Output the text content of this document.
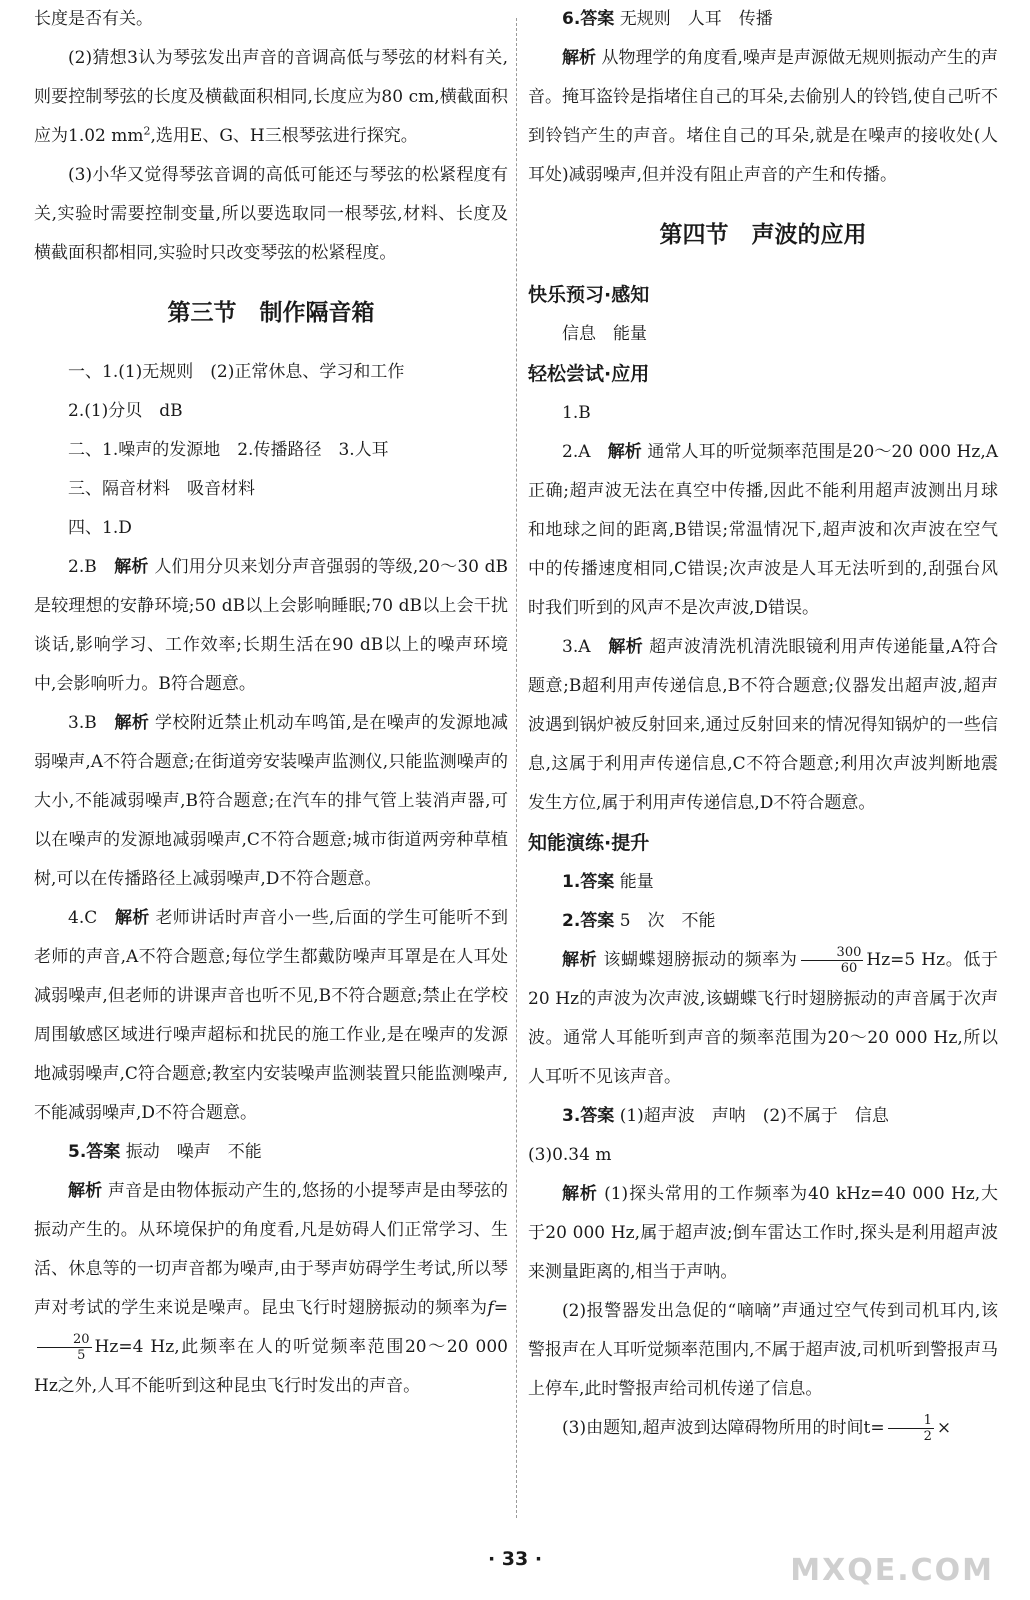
长度是否有关。

(2)猜想3认为琴弦发出声音的音调高低与琴弦的材料有关,则要控制琴弦的长度及横截面积相同,长度应为80 cm,横截面积应为1.02 $mm^2$,选用E、G、H三根琴弦进行探究。

(3)小华又觉得琴弦音调的高低可能还与琴弦的松紧程度有关,实验时需要控制变量,所以要选取同一根琴弦,材料、长度及横截面积都相同,实验时只改变琴弦的松紧程度。

第三节　制作隔音箱

一、1.(1)无规则　(2)正常休息、学习和工作

2.(1)分贝　dB

二、1.噪声的发源地　2.传播路径　3.人耳

三、隔音材料　吸音材料

四、1.D

2.B　解析 人们用分贝来划分声音强弱的等级,20～30 dB是较理想的安静环境;50 dB以上会影响睡眠;70 dB以上会干扰谈话,影响学习、工作效率;长期生活在90 dB以上的噪声环境中,会影响听力。B符合题意。

3.B　解析 学校附近禁止机动车鸣笛,是在噪声的发源地减弱噪声,A不符合题意;在街道旁安装噪声监测仪,只能监测噪声的大小,不能减弱噪声,B符合题意;在汽车的排气管上装消声器,可以在噪声的发源地减弱噪声,C不符合题意;城市街道两旁种草植树,可以在传播路径上减弱噪声,D不符合题意。

4.C　解析 老师讲话时声音小一些,后面的学生可能听不到老师的声音,A不符合题意;每位学生都戴防噪声耳罩是在人耳处减弱噪声,但老师的讲课声音也听不见,B不符合题意;禁止在学校周围敏感区域进行噪声超标和扰民的施工作业,是在噪声的发源地减弱噪声,C符合题意;教室内安装噪声监测装置只能监测噪声,不能减弱噪声,D不符合题意。

5.答案 振动　噪声　不能

解析 声音是由物体振动产生的,悠扬的小提琴声是由琴弦的振动产生的。从环境保护的角度看,凡是妨碍人们正常学习、生活、休息等的一切声音都为噪声,由于琴声妨碍学生考试,所以琴声对考试的学生来说是噪声。昆虫飞行时翅膀振动的频率为f=
$\frac{20}{5} Hz=4$ Hz,此频率在人的听觉频率范围20～20 000 Hz之外,人耳不能听到这种昆虫飞行时发出的声音。

6.答案 无规则　人耳　传播

解析 从物理学的角度看,噪声是声源做无规则振动产生的声音。掩耳盗铃是指堵住自己的耳朵,去偷别人的铃铛,使自己听不到铃铛产生的声音。堵住自己的耳朵,就是在噪声的接收处(人耳处)减弱噪声,但并没有阻止声音的产生和传播。

第四节　声波的应用
快乐预习·感知

信息　能量

轻松尝试·应用

1.B

2.A　解析 通常人耳的听觉频率范围是20～20 000 Hz,A正确;超声波无法在真空中传播,因此不能利用超声波测出月球和地球之间的距离,B错误;常温情况下,超声波和次声波在空气中的传播速度相同,C错误;次声波是人耳无法听到的,刮强台风时我们听到的风声不是次声波,D错误。

3.A　解析 超声波清洗机清洗眼镜利用声传递能量,A符合题意;B超利用声传递信息,B不符合题意;仪器发出超声波,超声波遇到锅炉被反射回来,通过反射回来的情况得知锅炉的一些信息,这属于利用声传递信息,C不符合题意;利用次声波判断地震发生方位,属于利用声传递信息,D不符合题意。

知能演练·提升

1.答案 能量

2.答案 5　次　不能

解析 该蝴蝶翅膀振动的频率为 $\frac{300}{60} Hz=5$ Hz。低于20 Hz的声波为次声波,该蝴蝶飞行时翅膀振动的声音属于次声波。通常人耳能听到声音的频率范围为20～20 000 Hz,所以人耳听不见该声音。

3.答案 (1)超声波　声呐　(2)不属于　信息

(3)0.34 m

解析 (1)探头常用的工作频率为40 kHz=40 000 Hz,大于20 000 Hz,属于超声波;倒车雷达工作时,探头是利用超声波来测量距离的,相当于声呐。

(2)报警器发出急促的“嘀嘀”声通过空气传到司机耳内,该警报声在人耳听觉频率范围内,不属于超声波,司机听到警报声马上停车,此时警报声给司机传递了信息。

(3)由题知,超声波到达障碍物所用的时间$t= \frac{1}{2}$ ×

· 33 ·	MXQE.COM
